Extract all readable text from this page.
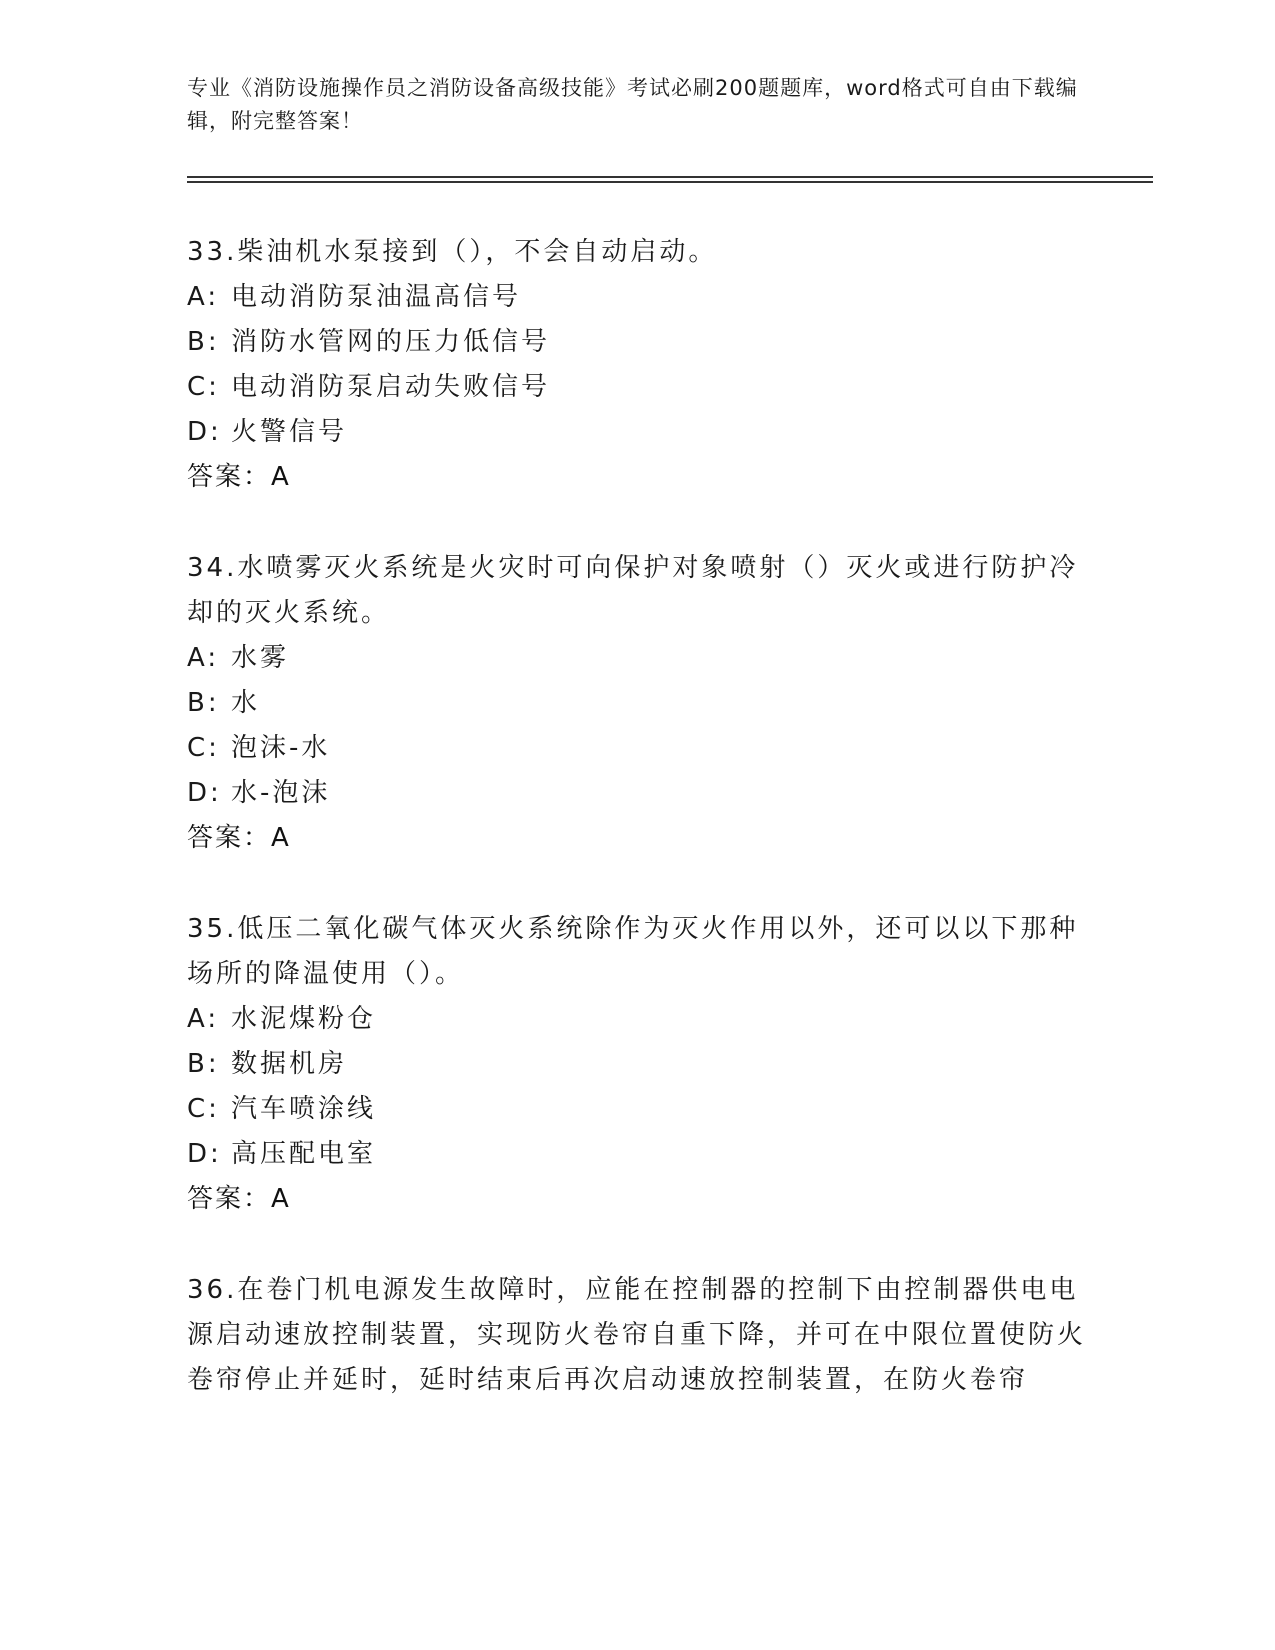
专业《消防设施操作员之消防设备高级技能》考试必刷200题题库，word格式可自由下载编辑，附完整答案！
33.柴油机水泵接到（），不会自动启动。
A: 电动消防泵油温高信号
B: 消防水管网的压力低信号
C: 电动消防泵启动失败信号
D: 火警信号
答案：A
34.水喷雾灭火系统是火灾时可向保护对象喷射（）灭火或进行防护冷却的灭火系统。
A: 水雾
B: 水
C: 泡沫-水
D: 水-泡沫
答案：A
35.低压二氧化碳气体灭火系统除作为灭火作用以外，还可以以下那种场所的降温使用（）。
A: 水泥煤粉仓
B: 数据机房
C: 汽车喷涂线
D: 高压配电室
答案：A
36.在卷门机电源发生故障时，应能在控制器的控制下由控制器供电电源启动速放控制装置，实现防火卷帘自重下降，并可在中限位置使防火卷帘停止并延时，延时结束后再次启动速放控制装置，在防火卷帘
